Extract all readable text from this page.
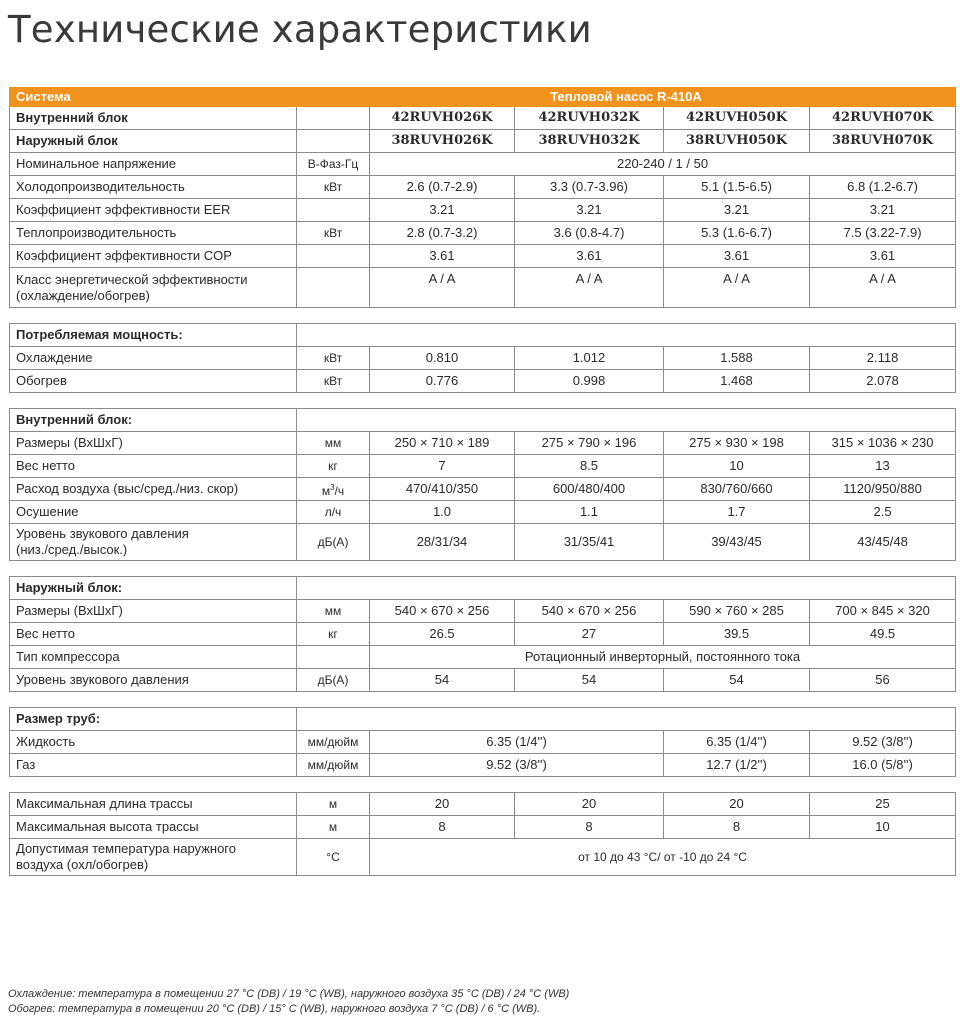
Технические характеристики
Система	Тепловой насос R-410A				
Внутренний блок		42RUVH026K	42RUVH032K	42RUVH050K	42RUVH070K
Наружный блок		38RUVH026K	38RUVH032K	38RUVH050K	38RUVH070K
Номинальное напряжение	В-Фаз-Гц	220-240 / 1 / 50			
Холодопроизводительность	кВт	2.6 (0.7-2.9)	3.3 (0.7-3.96)	5.1 (1.5-6.5)	6.8 (1.2-6.7)
Коэффициент эффективности EER		3.21	3.21	3.21	3.21
Теплопроизводительность	кВт	2.8 (0.7-3.2)	3.6 (0.8-4.7)	5.3 (1.6-6.7)	7.5 (3.22-7.9)
Коэффициент эффективности COP		3.61	3.61	3.61	3.61
Класс энергетической эффективности
(охлаждение/обогрев)		A / A	A / A	A / A	A / A

Потребляемая мощность:					
Охлаждение	кВт	0.810	1.012	1.588	2.118
Обогрев	кВт	0.776	0.998	1.468	2.078

Внутренний блок:					
Размеры (ВхШхГ)	мм	250 × 710 × 189	275 × 790 × 196	275 × 930 × 198	315 × 1036 × 230
Вес нетто	кг	7	8.5	10	13
Расход воздуха (выс/сред./низ. скор)	$м^3/ч$	470/410/350	600/480/400	830/760/660	1120/950/880
Осушение	л/ч	1.0	1.1	1.7	2.5
Уровень звукового давления
(низ./сред./высок.)	дБ(А)	28/31/34	31/35/41	39/43/45	43/45/48

Наружный блок:					
Размеры (ВхШхГ)	мм	540 × 670 × 256	540 × 670 × 256	590 × 760 × 285	700 × 845 × 320
Вес нетто	кг	26.5	27	39.5	49.5
Тип компрессора		Ротационный инверторный, постоянного тока			
Уровень звукового давления	дБ(А)	54	54	54	56

Размер труб:					
Жидкость	мм/дюйм	6.35 (1/4'')		6.35 (1/4'')	9.52 (3/8'')
Газ	мм/дюйм	9.52 (3/8'')		12.7 (1/2'')	16.0 (5/8'')

Максимальная длина трассы	м	20	20	20	25
Максимальная высота трассы	м	8	8	8	10
Допустимая температура наружного
воздуха (охл/обогрев)	°С	от 10 до 43 °С/ от -10 до 24 °С			
Охлаждение: температура в помещении 27 °С (DB) / 19 °С (WB), наружного воздуха 35 °С (DB) / 24 °С (WB)
Обогрев: температура в помещении 20 °С (DB) / 15° С (WB), наружного воздуха 7 °С (DB) / 6 °С (WB).
